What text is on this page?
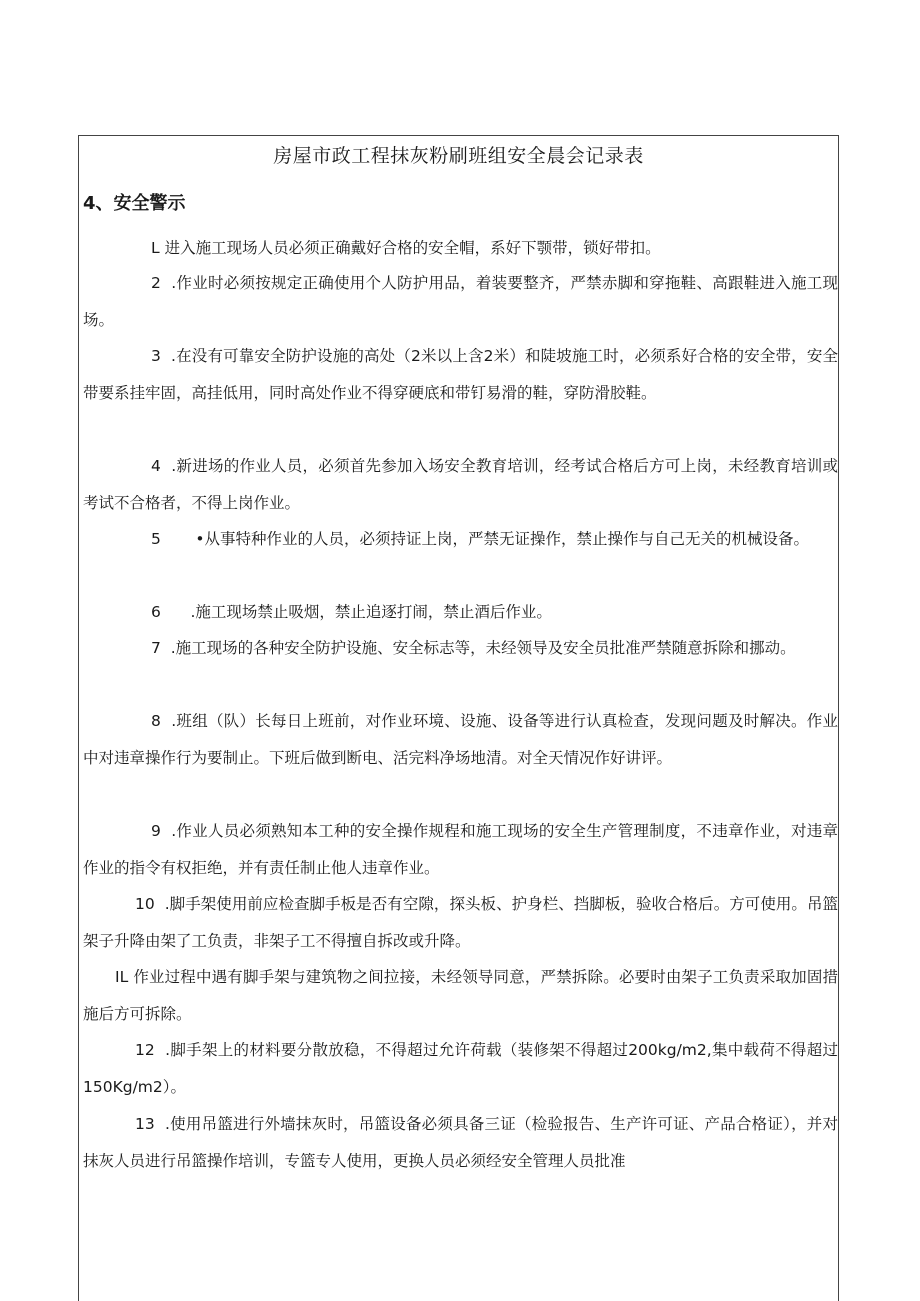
房屋市政工程抹灰粉刷班组安全晨会记录表
4、安全警示

L 进入施工现场人员必须正确戴好合格的安全帽，系好下颚带，锁好带扣。

2 .作业时必须按规定正确使用个人防护用品，着装要整齐，严禁赤脚和穿拖鞋、高跟鞋进入施工现场。

3 .在没有可靠安全防护设施的高处（2米以上含2米）和陡坡施工时，必须系好合格的安全带，安全带要系挂牢固，高挂低用，同时高处作业不得穿硬底和带钉易滑的鞋，穿防滑胶鞋。

4 .新进场的作业人员，必须首先参加入场安全教育培训，经考试合格后方可上岗，未经教育培训或考试不合格者，不得上岗作业。

5 •从事特种作业的人员，必须持证上岗，严禁无证操作，禁止操作与自己无关的机械设备。

6 .施工现场禁止吸烟，禁止追逐打闹，禁止酒后作业。

7 .施工现场的各种安全防护设施、安全标志等，未经领导及安全员批准严禁随意拆除和挪动。

8 .班组（队）长每日上班前，对作业环境、设施、设备等进行认真检查，发现问题及时解决。作业中对违章操作行为要制止。下班后做到断电、活完料净场地清。对全天情况作好讲评。

9 .作业人员必须熟知本工种的安全操作规程和施工现场的安全生产管理制度，不违章作业，对违章作业的指令有权拒绝，并有责任制止他人违章作业。

10 .脚手架使用前应检查脚手板是否有空隙，探头板、护身栏、挡脚板，验收合格后。方可使用。吊篮架子升降由架了工负责，非架子工不得擅自拆改或升降。

IL 作业过程中遇有脚手架与建筑物之间拉接，未经领导同意，严禁拆除。必要时由架子工负责采取加固措施后方可拆除。

12 .脚手架上的材料要分散放稳，不得超过允许荷载（装修架不得超过200kg/m2,集中载荷不得超过150Kg/m2）。

13 .使用吊篮进行外墙抹灰时，吊篮设备必须具备三证（检验报告、生产许可证、产品合格证），并对抹灰人员进行吊篮操作培训，专篮专人使用，更换人员必须经安全管理人员批准
